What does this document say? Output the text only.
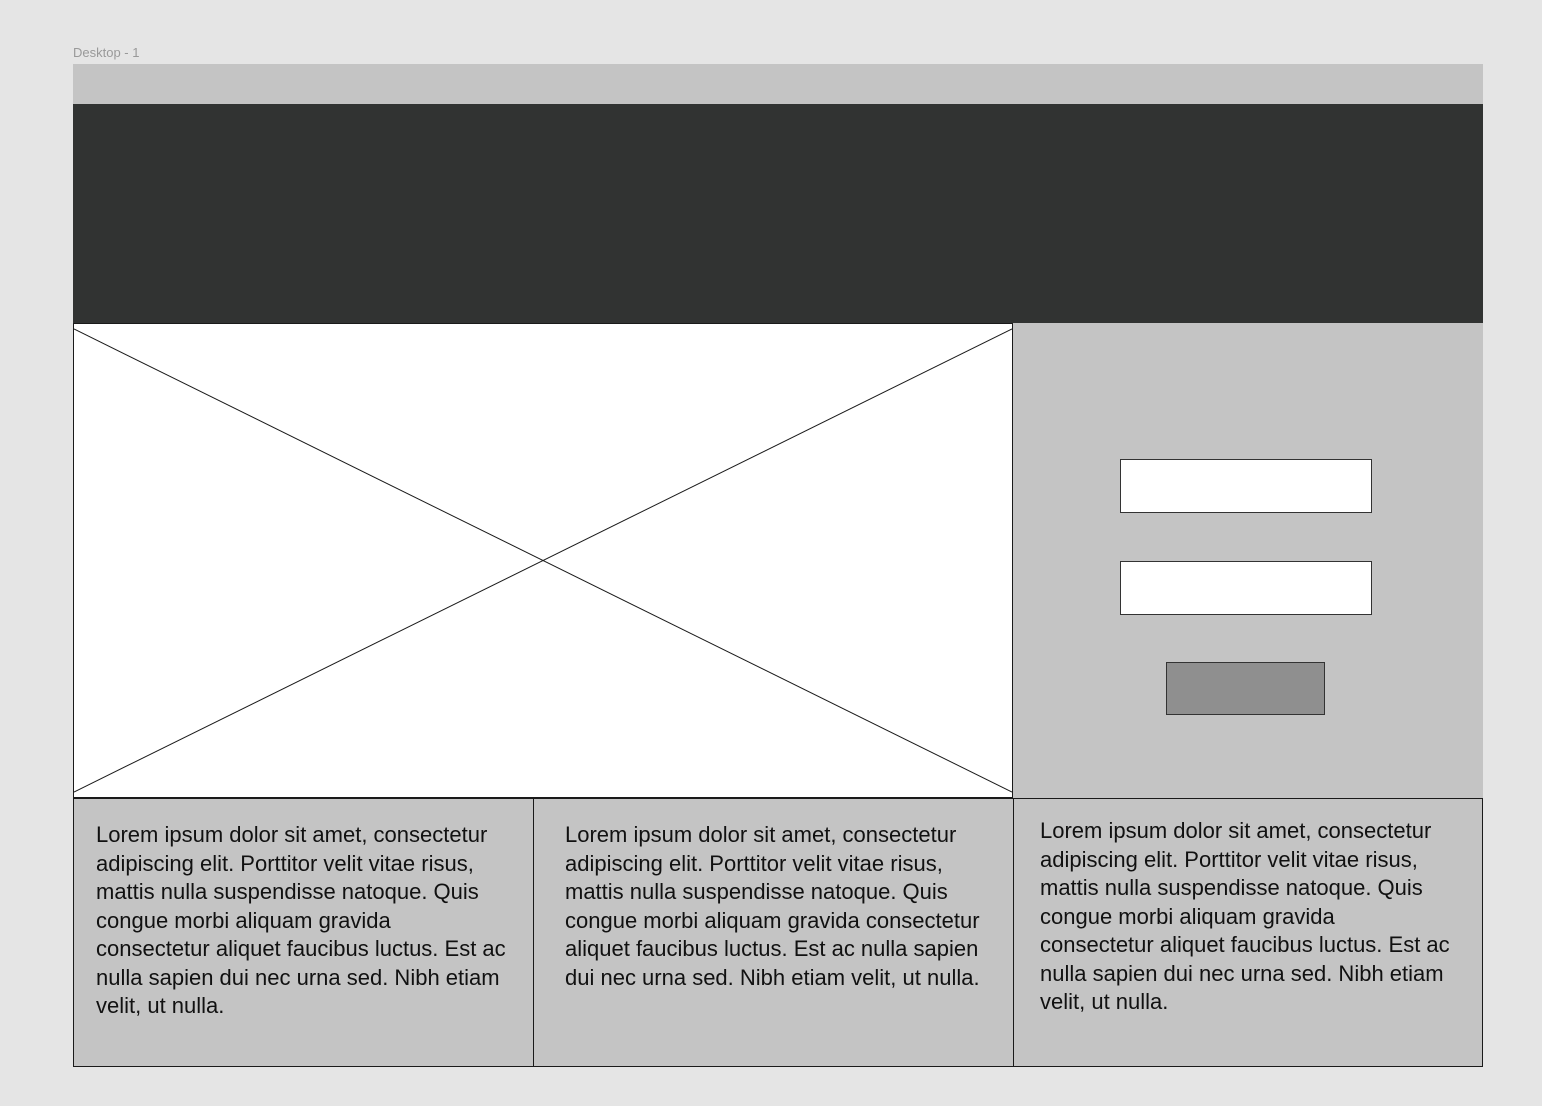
Desktop - 1

Lorem ipsum dolor sit amet, consectetur adipiscing elit. Porttitor velit vitae risus, mattis nulla suspendisse natoque. Quis congue morbi aliquam gravida consectetur aliquet faucibus luctus. Est ac nulla sapien dui nec urna sed. Nibh etiam velit, ut nulla.

Lorem ipsum dolor sit amet, consectetur adipiscing elit. Porttitor velit vitae risus, mattis nulla suspendisse natoque. Quis congue morbi aliquam gravida consectetur aliquet faucibus luctus. Est ac nulla sapien dui nec urna sed. Nibh etiam velit, ut nulla.

Lorem ipsum dolor sit amet, consectetur adipiscing elit. Porttitor velit vitae risus, mattis nulla suspendisse natoque. Quis congue morbi aliquam gravida consectetur aliquet faucibus luctus. Est ac nulla sapien dui nec urna sed. Nibh etiam velit, ut nulla.
